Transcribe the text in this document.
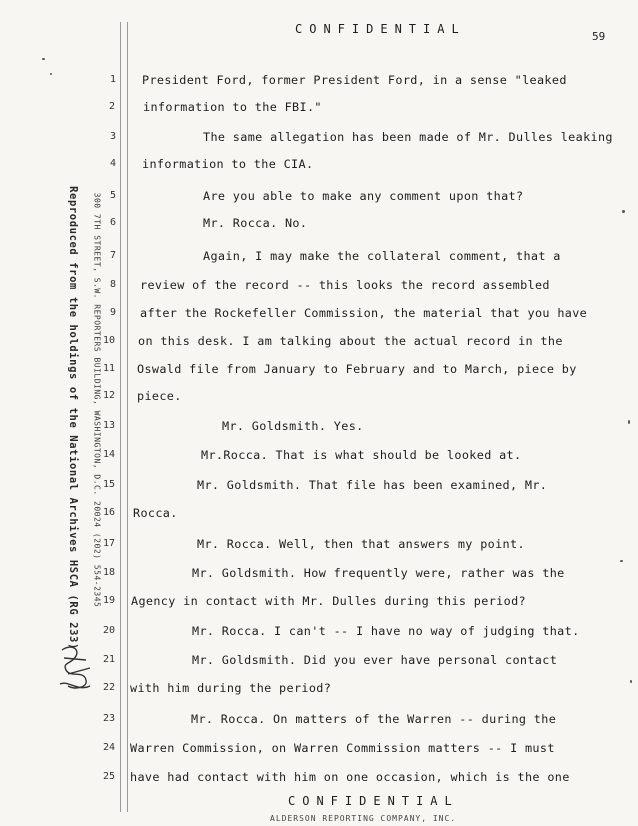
CONFIDENTIAL
59
Reproduced from the holdings of the National Archives HSCA (RG 233) 300 7TH STREET, S.W. REPORTERS BUILDING, WASHINGTON, D.C. 20024 (202) 554-2345
1
2
3
4
5
6
7
8
9
10
11
12
13
14
15
16
17
18
19
20
21
22
23
24
25
President Ford, former President Ford, in a sense "leaked
information to the FBI."
The same allegation has been made of Mr. Dulles leaking
information to the CIA.
Are you able to make any comment upon that?
Mr. Rocca. No.
Again, I may make the collateral comment, that a
review of the record -- this looks the record assembled
after the Rockefeller Commission, the material that you have
on this desk. I am talking about the actual record in the
Oswald file from January to February and to March, piece by
piece.
Mr. Goldsmith. Yes.
Mr.Rocca. That is what should be looked at.
Mr. Goldsmith. That file has been examined, Mr.
Rocca.
Mr. Rocca. Well, then that answers my point.
Mr. Goldsmith. How frequently were, rather was the
Agency in contact with Mr. Dulles during this period?
Mr. Rocca. I can't -- I have no way of judging that.
Mr. Goldsmith. Did you ever have personal contact
with him during the period?
Mr. Rocca. On matters of the Warren -- during the
Warren Commission, on Warren Commission matters -- I must
have had contact with him on one occasion, which is the one
CONFIDENTIAL
ALDERSON REPORTING COMPANY, INC.
